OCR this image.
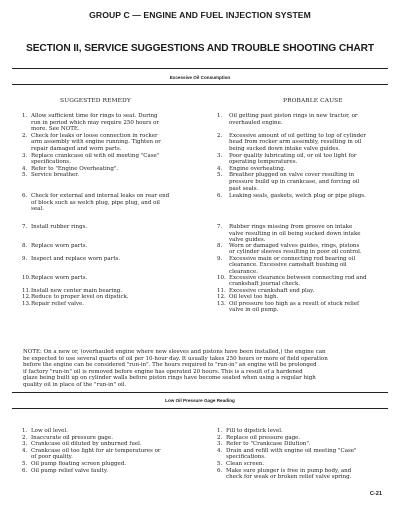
GROUP C — ENGINE AND FUEL INJECTION SYSTEM
SECTION II, SERVICE SUGGESTIONS AND TROUBLE SHOOTING CHART
Excessive Oil Consumption
SUGGESTED REMEDY	PROBABLE CAUSE
1. Allow sufficient time for rings to seat. During
run in period which may require 250 hours or
more. See NOTE.
2. Check for leaks or loose connection in rocker
arm assembly with engine running. Tighten or
repair damaged and worn parts.
3. Replace crankcase oil with oil meeting "Case"
specifications.
4. Refer to "Engine Overheating".
5. Service breather.
6. Check for external and internal leaks on rear end
of block such as welch plug, pipe plug, and oil
seal.
7. Install rubber rings.
8. Replace worn parts.
9. Inspect and replace worn parts.
10. Replace worn parts.
11. Install new center main bearing.
12. Reduce to proper level on dipstick.
13. Repair relief valve.
1. Oil getting past piston rings in new tractor, or
overhauled engine.
2. Excessive amount of oil getting to top of cylinder
head from rocker arm assembly, resulting in oil
being sucked down intake valve guides.
3. Poor quality lubricating oil, or oil too light for
operating temperatures.
4. Engine overheating.
5. Breather plugged on valve cover resulting in
pressure build up in crankcase, and forcing oil
past seals.
6. Leaking seals, gaskets, welch plug or pipe plugs.
7. Rubber rings missing from groove on intake
valve resulting in oil being sucked down intake
valve guides.
8. Worn or damaged valves guides, rings, pistons
or cylinder sleeves resulting in poor oil control.
9. Excessive main or connecting rod bearing oil
clearance. Excessive camshaft bushing oil
clearance.
10. Excessive clearance between connecting rod and
crankshaft journal check.
11. Excessive crankshaft end play.
12. Oil level too high.
13. Oil pressure too high as a result of stuck relief
valve in oil pump.
NOTE: On a new or, (overhauled engine where new sleeves and pistons have been installed,) the engine can
be expected to use several quarts of oil per 10-hour day. It usually takes 250 hours or more of field operation
before the engine can be considered "run-in". The hours required to "run-in" an engine will be prolonged
if factory "run-in" oil is removed before engine has operated 20 hours. This is a result of a hardened
glaze being built up on cylinder walls before piston rings have become seated when using a regular high
quality oil in place of the "run-in" oil.
Low Oil Pressure Gage Reading
1. Low oil level.
2. Inaccurate oil pressure gage.
3. Crankcase oil diluted by unburned fuel.
4. Crankcase oil too light for air temperatures or
of poor quality.
5. Oil pump floating screen plugged.
6. Oil pump relief valve faulty.
1. Fill to dipstick level.
2. Replace oil pressure gage.
3. Refer to "Crankcase Dilution".
4. Drain and refill with engine oil meeting "Case"
specifications.
5. Clean screen.
6. Make sure plunger is free in pump body, and
check for weak or broken relief valve spring.
C-21
